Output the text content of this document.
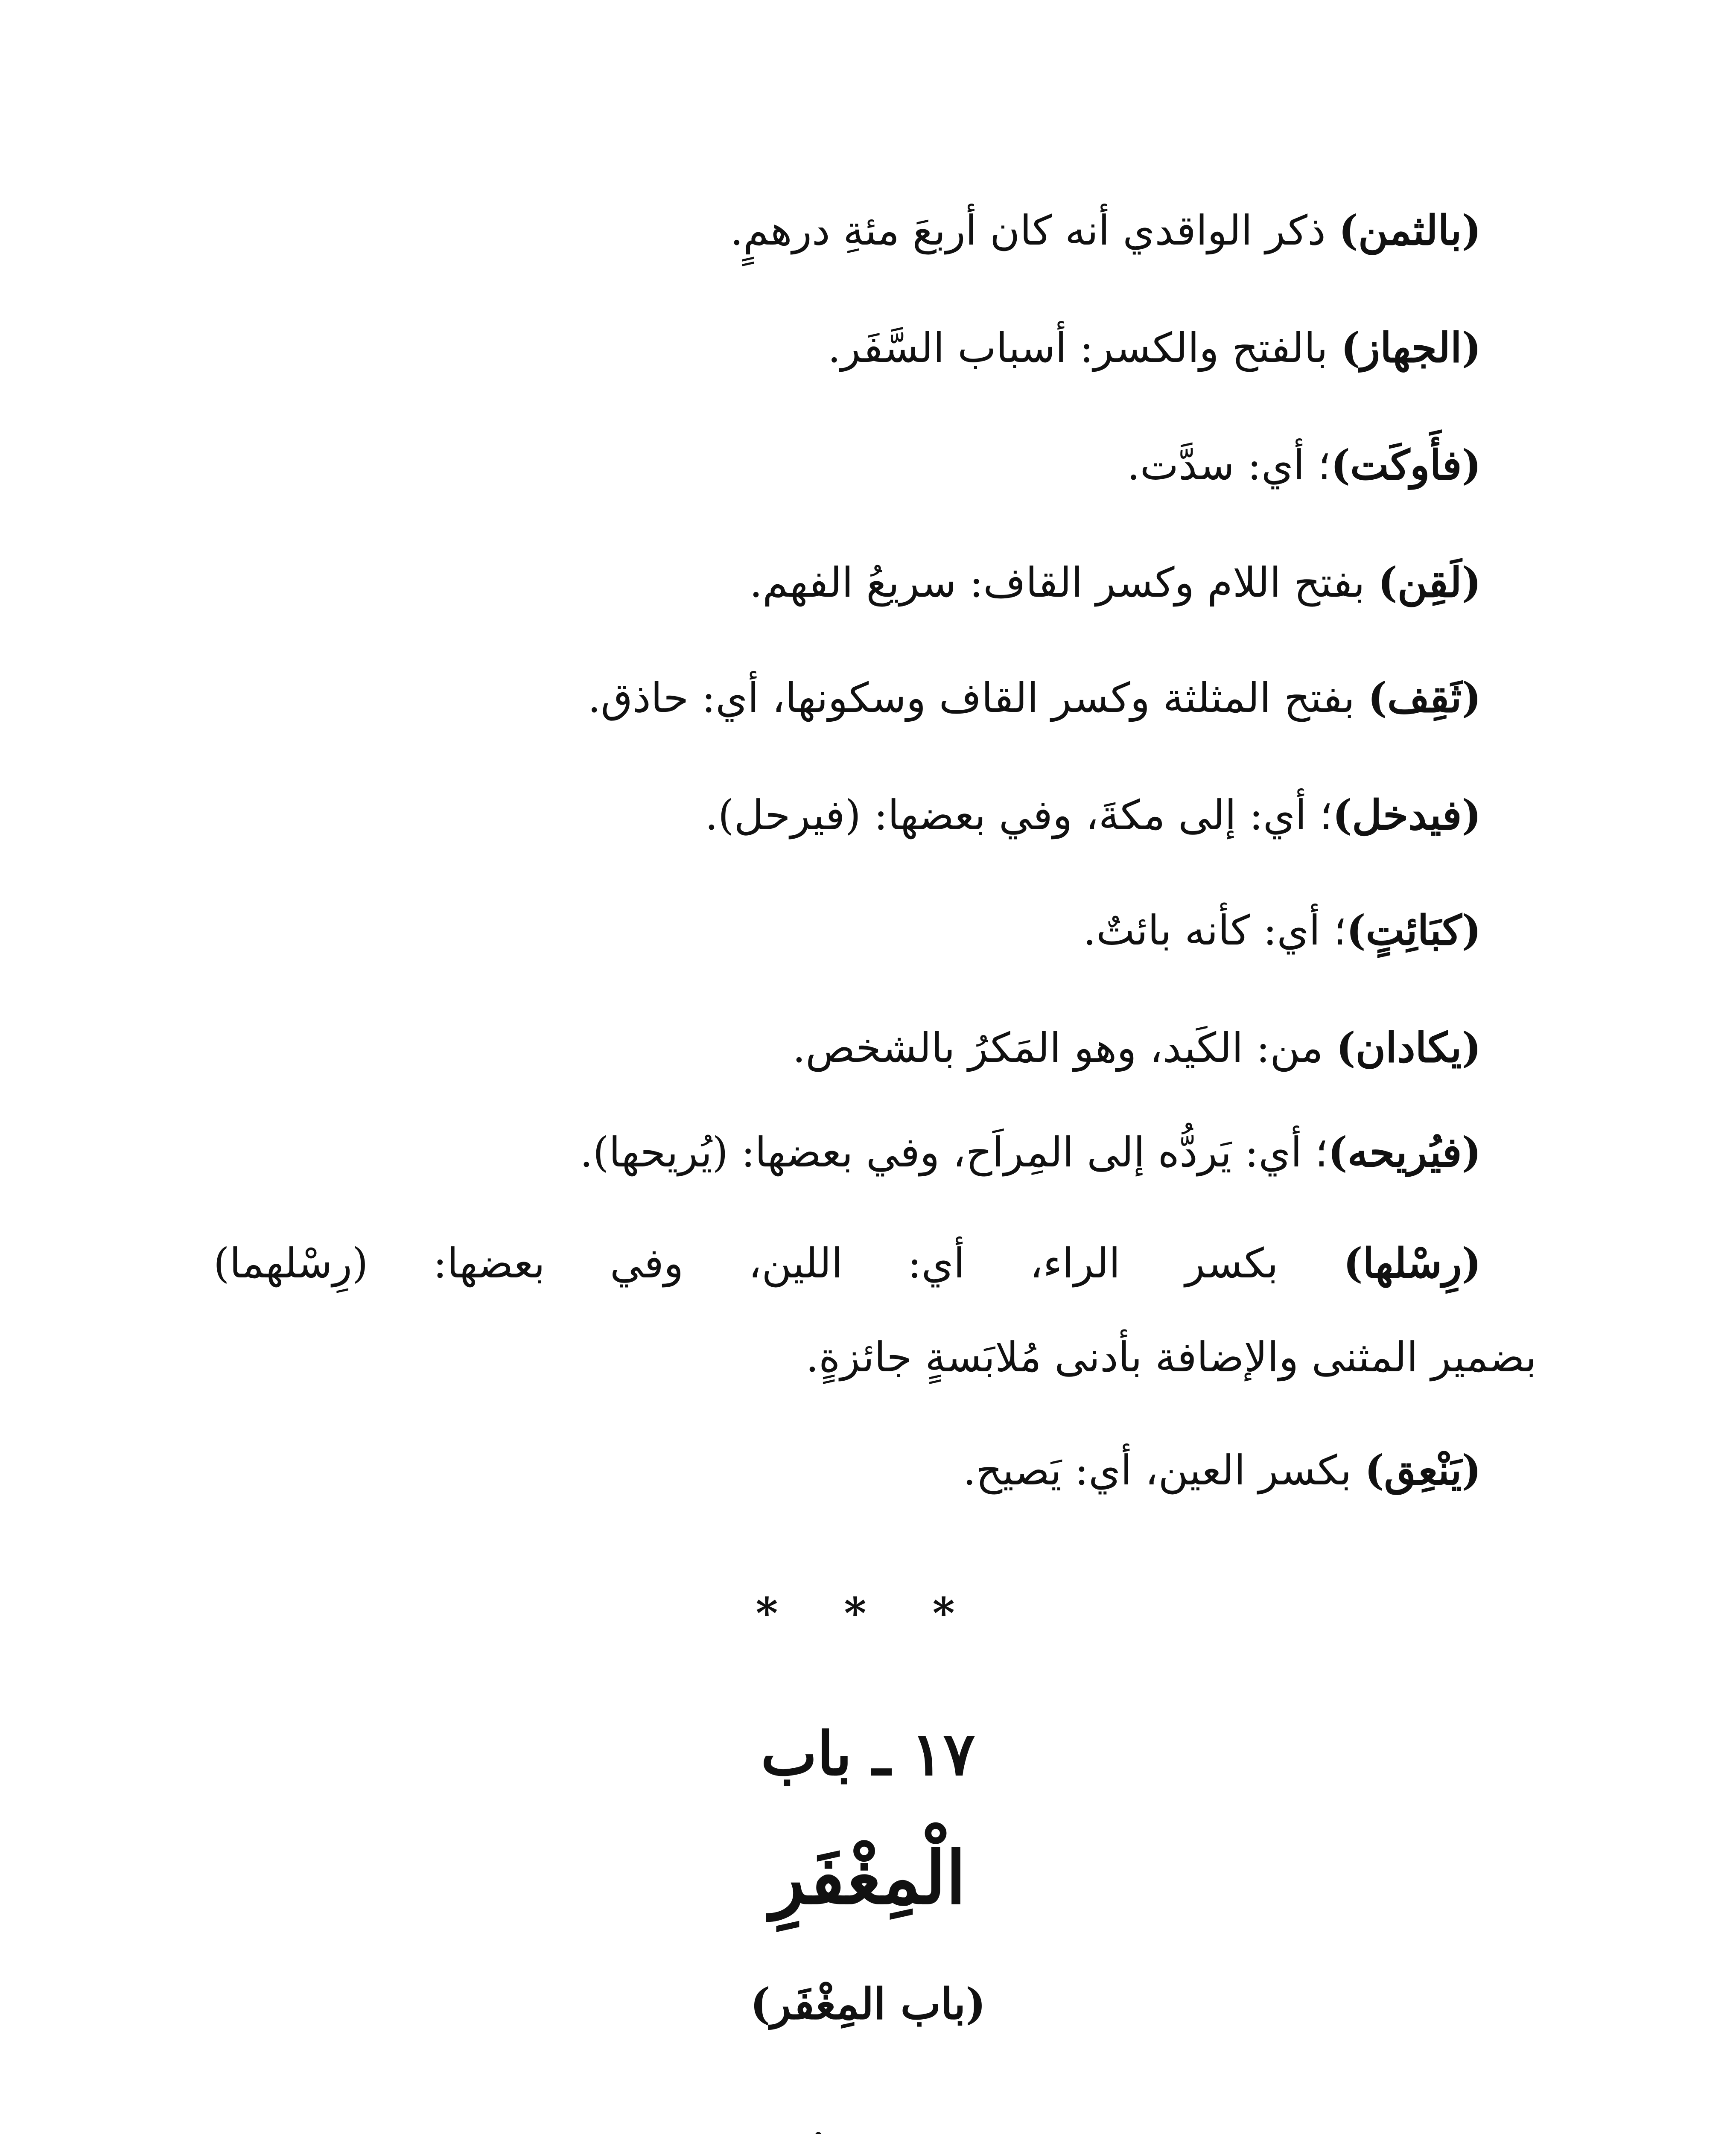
(بالثمن) ذكر الواقدي أنه كان أربعَ مئةِ درهمٍ.
(الجهاز) بالفتح والكسر: أسباب السَّفَر.
(فأَوكَت)؛ أي: سدَّت.
(لَقِن) بفتح اللام وكسر القاف: سريعُ الفهم.
(ثَقِف) بفتح المثلثة وكسر القاف وسكونها، أي: حاذق.
(فيدخل)؛ أي: إلى مكةَ، وفي بعضها: (فيرحل).
(كبَائِتٍ)؛ أي: كأنه بائتٌ.
(يكادان) من: الكَيد، وهو المَكرُ بالشخص.
(فيُريحه)؛ أي: يَردُّه إلى المِراَح، وفي بعضها: (يُريحها).
(رِسْلها) بكسر الراء، أي: اللين، وفي بعضها: (رِسْلهما)
بضمير المثنى والإضافة بأدنى مُلابَسةٍ جائزةٍ.
(يَنْعِق) بكسر العين، أي: يَصيح.
* * *
١٧ ـ باب
الْمِغْفَرِ
(باب المِغْفَر)
